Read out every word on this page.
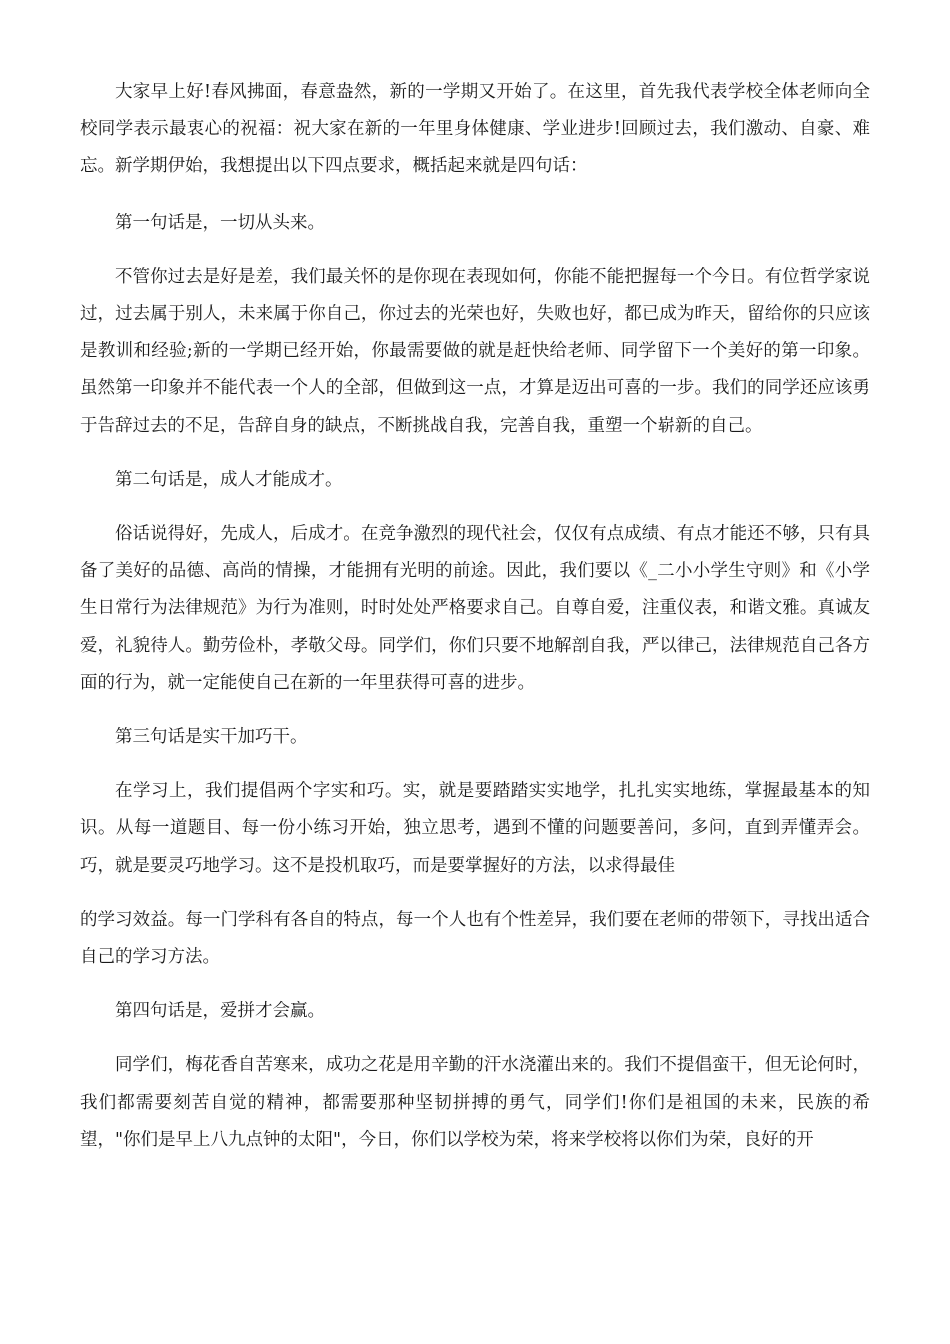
大家早上好!春风拂面，春意盎然，新的一学期又开始了。在这里，首先我代表学校全体老师向全校同学表示最衷心的祝福：祝大家在新的一年里身体健康、学业进步!回顾过去，我们激动、自豪、难忘。新学期伊始，我想提出以下四点要求，概括起来就是四句话：

第一句话是，一切从头来。

不管你过去是好是差，我们最关怀的是你现在表现如何，你能不能把握每一个今日。有位哲学家说过，过去属于别人，未来属于你自己，你过去的光荣也好，失败也好，都已成为昨天，留给你的只应该是教训和经验;新的一学期已经开始，你最需要做的就是赶快给老师、同学留下一个美好的第一印象。虽然第一印象并不能代表一个人的全部，但做到这一点，才算是迈出可喜的一步。我们的同学还应该勇于告辞过去的不足，告辞自身的缺点，不断挑战自我，完善自我，重塑一个崭新的自己。

第二句话是，成人才能成才。

俗话说得好，先成人，后成才。在竞争激烈的现代社会，仅仅有点成绩、有点才能还不够，只有具备了美好的品德、高尚的情操，才能拥有光明的前途。因此，我们要以《_二小小学生守则》和《小学生日常行为法律规范》为行为准则，时时处处严格要求自己。自尊自爱，注重仪表，和谐文雅。真诚友爱，礼貌待人。勤劳俭朴，孝敬父母。同学们，你们只要不地解剖自我，严以律己，法律规范自己各方面的行为，就一定能使自己在新的一年里获得可喜的进步。

第三句话是实干加巧干。

在学习上，我们提倡两个字实和巧。实，就是要踏踏实实地学，扎扎实实地练，掌握最基本的知识。从每一道题目、每一份小练习开始，独立思考，遇到不懂的问题要善问，多问，直到弄懂弄会。巧，就是要灵巧地学习。这不是投机取巧，而是要掌握好的方法，以求得最佳

的学习效益。每一门学科有各自的特点，每一个人也有个性差异，我们要在老师的带领下，寻找出适合自己的学习方法。

第四句话是，爱拼才会赢。

同学们，梅花香自苦寒来，成功之花是用辛勤的汗水浇灌出来的。我们不提倡蛮干，但无论何时，我们都需要刻苦自觉的精神，都需要那种坚韧拼搏的勇气，同学们!你们是祖国的未来，民族的希望，"你们是早上八九点钟的太阳"，今日，你们以学校为荣，将来学校将以你们为荣，良好的开
